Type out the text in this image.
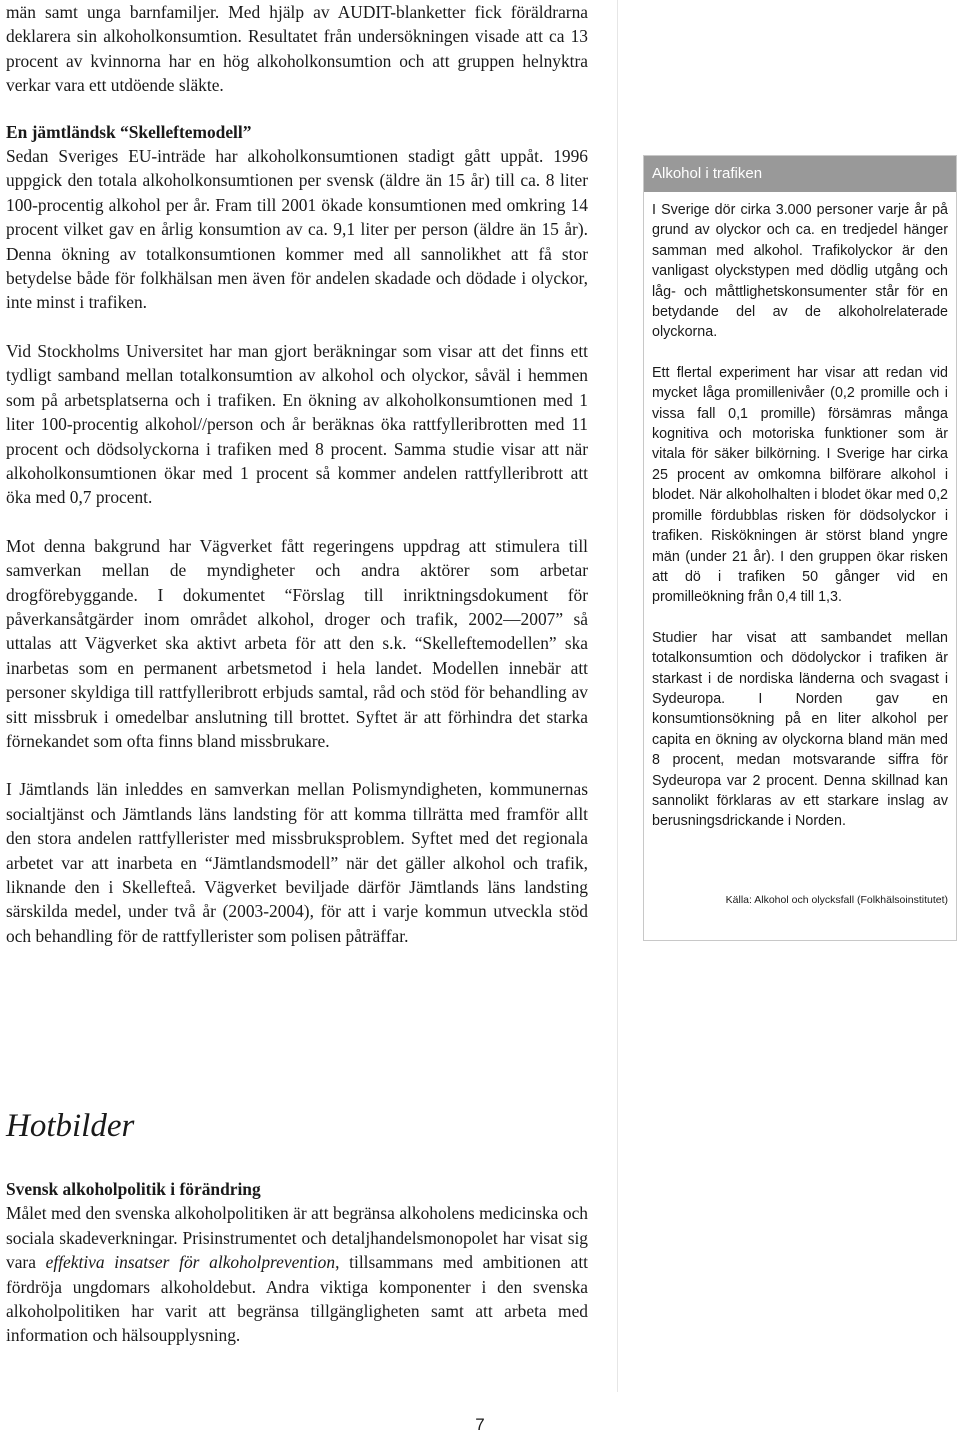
män samt unga barnfamiljer. Med hjälp av AUDIT-blanketter fick föräldrarna deklarera sin alkoholkonsumtion. Resultatet från undersökningen visade att ca 13 procent av kvinnorna har en hög alkoholkonsumtion och att gruppen helnyktra verkar vara ett utdöende släkte.

En jämtländsk “Skelleftemodell”

Sedan Sveriges EU-inträde har alkoholkonsumtionen stadigt gått uppåt. 1996 uppgick den totala alkoholkonsumtionen per svensk (äldre än 15 år) till ca. 8 liter 100-procentig alkohol per år. Fram till 2001 ökade konsumtionen med omkring 14 procent vilket gav en årlig konsumtion av ca. 9,1 liter per person (äldre än 15 år). Denna ökning av totalkonsumtionen kommer med all sannolikhet att få stor betydelse både för folkhälsan men även för andelen skadade och dödade i olyckor, inte minst i trafiken.

Vid Stockholms Universitet har man gjort beräkningar som visar att det finns ett tydligt samband mellan totalkonsumtion av alkohol och olyckor, såväl i hemmen som på arbetsplatserna och i trafiken. En ökning av alkoholkonsumtionen med 1 liter 100-procentig alkohol//person och år beräknas öka rattfylleribrotten med 11 procent och dödsolyckorna i trafiken med 8 procent. Samma studie visar att när alkoholkonsumtionen ökar med 1 procent så kommer andelen rattfylleribrott att öka med 0,7 procent.

Mot denna bakgrund har Vägverket fått regeringens uppdrag att stimulera till samverkan mellan de myndigheter och andra aktörer som arbetar drogförebyggande. I dokumentet “Förslag till inriktningsdokument för påverkansåtgärder inom området alkohol, droger och trafik, 2002—2007” så uttalas att Vägverket ska aktivt arbeta för att den s.k. “Skelleftemodellen” ska inarbetas som en permanent arbetsmetod i hela landet. Modellen innebär att personer skyldiga till rattfylleribrott erbjuds samtal, råd och stöd för behandling av sitt missbruk i omedelbar anslutning till brottet. Syftet är att förhindra det starka förnekandet som ofta finns bland missbrukare.

I Jämtlands län inleddes en samverkan mellan Polismyndigheten, kommunernas socialtjänst och Jämtlands läns landsting för att komma tillrätta med framför allt den stora andelen rattfyllerister med missbruksproblem. Syftet med det regionala arbetet var att inarbeta en “Jämtlandsmodell” när det gäller alkohol och trafik, liknande den i Skellefteå. Vägverket beviljade därför Jämtlands läns landsting särskilda medel, under två år (2003-2004), för att i varje kommun utveckla stöd och behandling för de rattfyllerister som polisen påträffar.

Alkohol i trafiken

I Sverige dör cirka 3.000 personer varje år på grund av olyckor och ca. en tredjedel hänger samman med alkohol. Trafikolyckor är den vanligast olyckstypen med dödlig utgång och låg- och måttlighetskonsumenter står för en betydande del av de alkoholrelaterade olyckorna.

Ett flertal experiment har visar att redan vid mycket låga promillenivåer (0,2 promille och i vissa fall 0,1 promille) försämras många kognitiva och motoriska funktioner som är vitala för säker bilkörning. I Sverige har cirka 25 procent av omkomna bilförare alkohol i blodet. När alkoholhalten i blodet ökar med 0,2 promille fördubblas risken för dödsolyckor i trafiken. Riskökningen är störst bland yngre män (under 21 år). I den gruppen ökar risken att dö i trafiken 50 gånger vid en promilleökning från 0,4 till 1,3.

Studier har visat att sambandet mellan totalkonsumtion och dödolyckor i trafiken är starkast i de nordiska länderna och svagast i Sydeuropa. I Norden gav en konsumtionsökning på en liter alkohol per capita en ökning av olyckorna bland män med 8 procent, medan motsvarande siffra för Sydeuropa var 2 procent. Denna skillnad kan sannolikt förklaras av ett starkare inslag av berusningsdrickande i Norden.

Källa: Alkohol och olycksfall (Folkhälsoinstitutet)
Hotbilder

Svensk alkoholpolitik i förändring

Målet med den svenska alkoholpolitiken är att begränsa alkoholens medicinska och sociala skadeverkningar. Prisinstrumentet och detaljhandelsmonopolet har visat sig vara effektiva insatser för alkoholprevention, tillsammans med ambitionen att fördröja ungdomars alkoholdebut. Andra viktiga komponenter i den svenska alkoholpolitiken har varit att begränsa tillgängligheten samt att arbeta med information och hälsoupplysning.

7
